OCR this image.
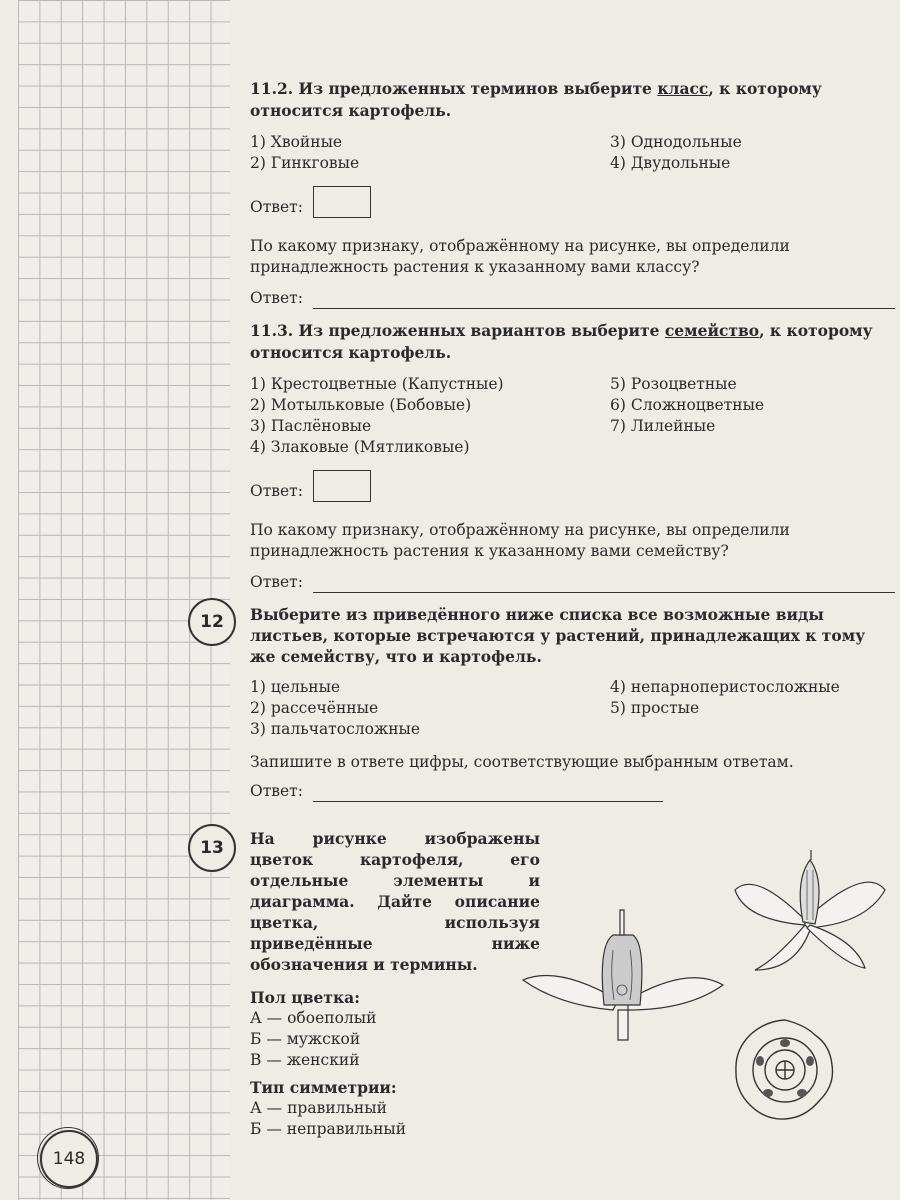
11.2. Из предложенных терминов выберите класс, к которому относится картофель.

1) Хвойные

2) Гинкговые

3) Однодольные

4) Двудольные

Ответ:

По какому признаку, отображённому на рисунке, вы определили принадлежность растения к указанному вами классу?

Ответ:

11.3. Из предложенных вариантов выберите семейство, к которому относится картофель.

1) Крестоцветные (Капустные)

2) Мотыльковые (Бобовые)

3) Паслёновые

4) Злаковые (Мятликовые)

5) Розоцветные

6) Сложноцветные

7) Лилейные

Ответ:

По какому признаку, отображённому на рисунке, вы определили принадлежность растения к указанному вами семейству?

Ответ:
12	Выберите из приведённого ниже списка все возможные виды листьев, которые встречаются у растений, принадлежащих к тому же семейству, что и картофель.

1) цельные

2) рассечённые

3) пальчатосложные

4) непарноперистосложные

5) простые

Запишите в ответе цифры, соответствующие выбранным ответам.

Ответ:
13	На рисунке изображены цветок картофеля, его отдельные элементы и диаграмма. Дайте описание цветка, используя приведённые ниже обозначения и термины.

Пол цветка:

А — обоеполый

Б — мужской

В — женский

Тип симметрии:

А — правильный

Б — неправильный

148
